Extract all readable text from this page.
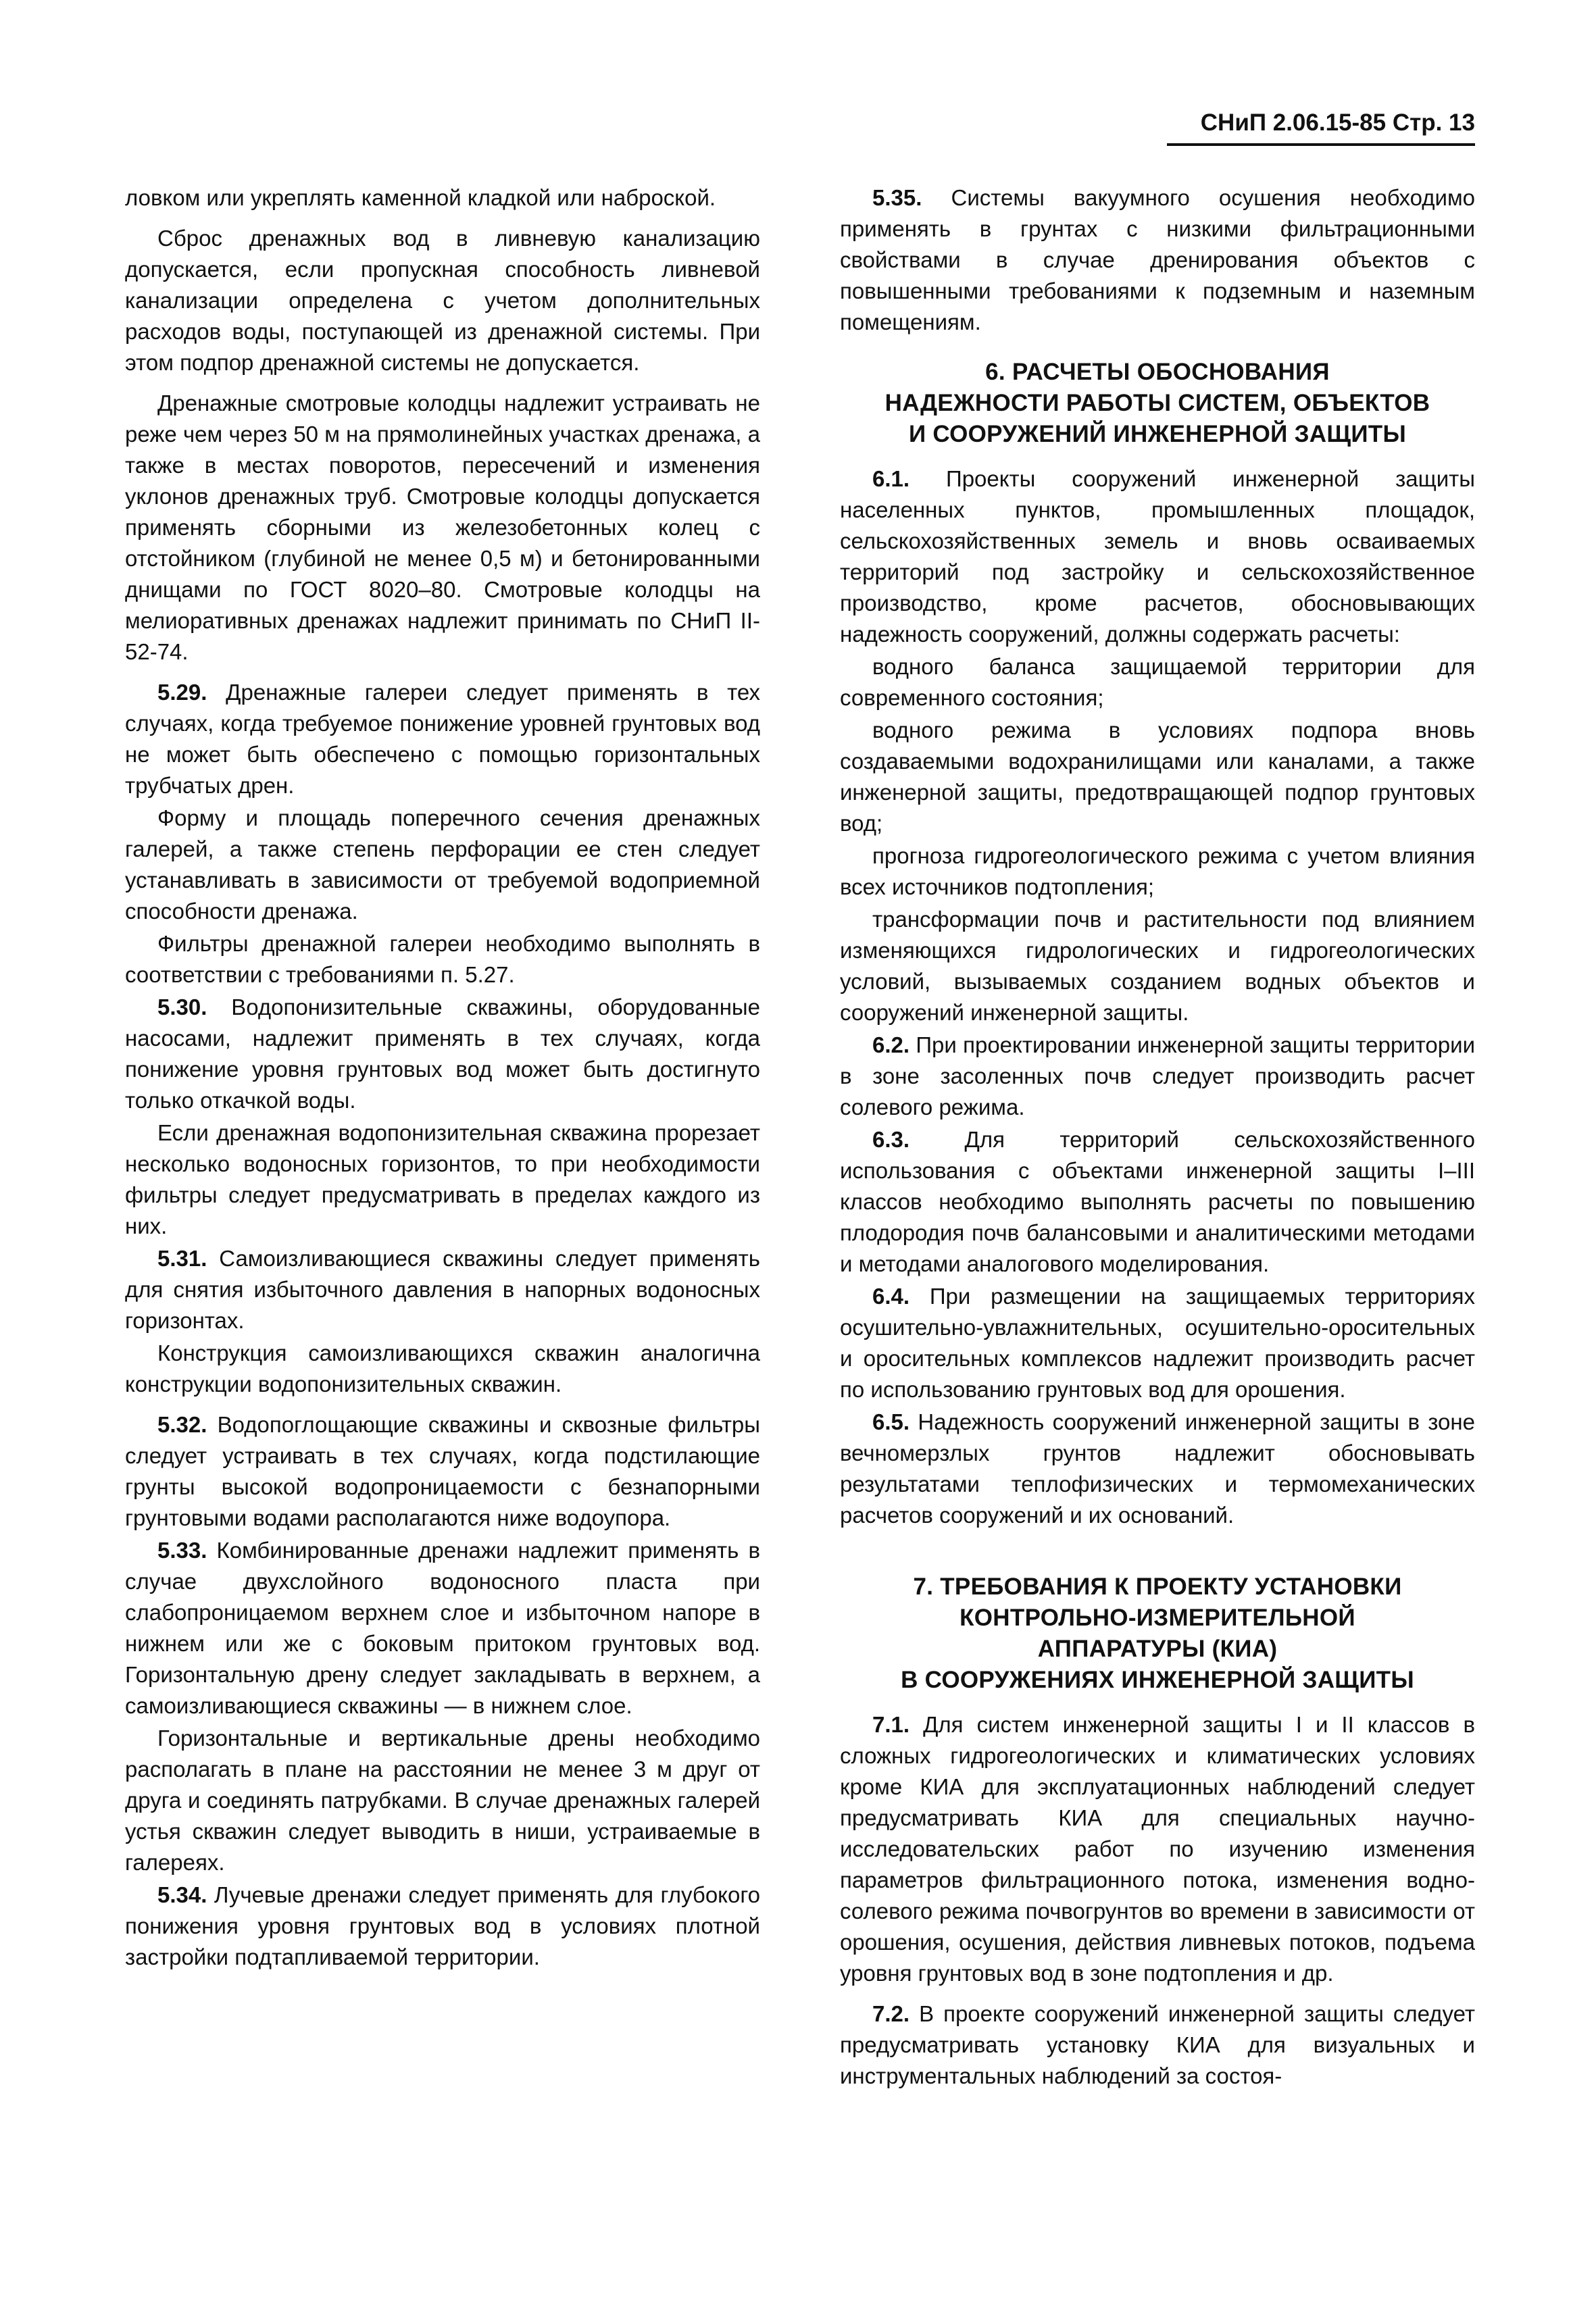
СНиП 2.06.15-85 Стр. 13

ловком или укреплять каменной кладкой или наброской.

Сброс дренажных вод в ливневую канализацию допускается, если пропускная способность ливневой канализации определена с учетом дополнительных расходов воды, поступающей из дренажной системы. При этом подпор дренажной системы не допускается.

Дренажные смотровые колодцы надлежит устраивать не реже чем через 50 м на прямолинейных участках дренажа, а также в местах поворотов, пересечений и изменения уклонов дренажных труб. Смотровые колодцы допускается применять сборными из железобетонных колец с отстойником (глубиной не менее 0,5 м) и бетонированными днищами по ГОСТ 8020–80. Смотровые колодцы на мелиоративных дренажах надлежит принимать по СНиП II-52-74.

5.29. Дренажные галереи следует применять в тех случаях, когда требуемое понижение уровней грунтовых вод не может быть обеспечено с помощью горизонтальных трубчатых дрен.

Форму и площадь поперечного сечения дренажных галерей, а также степень перфорации ее стен следует устанавливать в зависимости от требуемой водоприемной способности дренажа.

Фильтры дренажной галереи необходимо выполнять в соответствии с требованиями п. 5.27.

5.30. Водопонизительные скважины, оборудованные насосами, надлежит применять в тех случаях, когда понижение уровня грунтовых вод может быть достигнуто только откачкой воды.

Если дренажная водопонизительная скважина прорезает несколько водоносных горизонтов, то при необходимости фильтры следует предусматривать в пределах каждого из них.

5.31. Самоизливающиеся скважины следует применять для снятия избыточного давления в напорных водоносных горизонтах.

Конструкция самоизливающихся скважин аналогична конструкции водопонизительных скважин.

5.32. Водопоглощающие скважины и сквозные фильтры следует устраивать в тех случаях, когда подстилающие грунты высокой водопроницаемости с безнапорными грунтовыми водами располагаются ниже водоупора.

5.33. Комбинированные дренажи надлежит применять в случае двухслойного водоносного пласта при слабопроницаемом верхнем слое и избыточном напоре в нижнем или же с боковым притоком грунтовых вод. Горизонтальную дрену следует закладывать в верхнем, а самоизливающиеся скважины — в нижнем слое.

Горизонтальные и вертикальные дрены необходимо располагать в плане на расстоянии не менее 3 м друг от друга и соединять патрубками. В случае дренажных галерей устья скважин следует выводить в ниши, устраиваемые в галереях.

5.34. Лучевые дренажи следует применять для глубокого понижения уровня грунтовых вод в условиях плотной застройки подтапливаемой территории.

5.35. Системы вакуумного осушения необходимо применять в грунтах с низкими фильтрационными свойствами в случае дренирования объектов с повышенными требованиями к подземным и наземным помещениям.

6. РАСЧЕТЫ ОБОСНОВАНИЯ
НАДЕЖНОСТИ РАБОТЫ СИСТЕМ, ОБЪЕКТОВ
И СООРУЖЕНИЙ ИНЖЕНЕРНОЙ ЗАЩИТЫ

6.1. Проекты сооружений инженерной защиты населенных пунктов, промышленных площадок, сельскохозяйственных земель и вновь осваиваемых территорий под застройку и сельскохозяйственное производство, кроме расчетов, обосновывающих надежность сооружений, должны содержать расчеты:

водного баланса защищаемой территории для современного состояния;

водного режима в условиях подпора вновь создаваемыми водохранилищами или каналами, а также инженерной защиты, предотвращающей подпор грунтовых вод;

прогноза гидрогеологического режима с учетом влияния всех источников подтопления;

трансформации почв и растительности под влиянием изменяющихся гидрологических и гидрогеологических условий, вызываемых созданием водных объектов и сооружений инженерной защиты.

6.2. При проектировании инженерной защиты территории в зоне засоленных почв следует производить расчет солевого режима.

6.3. Для территорий сельскохозяйственного использования с объектами инженерной защиты I–III классов необходимо выполнять расчеты по повышению плодородия почв балансовыми и аналитическими методами и методами аналогового моделирования.

6.4. При размещении на защищаемых территориях осушительно-увлажнительных, осушительно-оросительных и оросительных комплексов надлежит производить расчет по использованию грунтовых вод для орошения.

6.5. Надежность сооружений инженерной защиты в зоне вечномерзлых грунтов надлежит обосновывать результатами теплофизических и термомеханических расчетов сооружений и их оснований.

7. ТРЕБОВАНИЯ К ПРОЕКТУ УСТАНОВКИ
КОНТРОЛЬНО-ИЗМЕРИТЕЛЬНОЙ
АППАРАТУРЫ (КИА)
В СООРУЖЕНИЯХ ИНЖЕНЕРНОЙ ЗАЩИТЫ

7.1. Для систем инженерной защиты I и II классов в сложных гидрогеологических и климатических условиях кроме КИА для эксплуатационных наблюдений следует предусматривать КИА для специальных научно-исследовательских работ по изучению изменения параметров фильтрационного потока, изменения водно-солевого режима почвогрунтов во времени в зависимости от орошения, осушения, действия ливневых потоков, подъема уровня грунтовых вод в зоне подтопления и др.

7.2. В проекте сооружений инженерной защиты следует предусматривать установку КИА для визуальных и инструментальных наблюдений за состоя-
